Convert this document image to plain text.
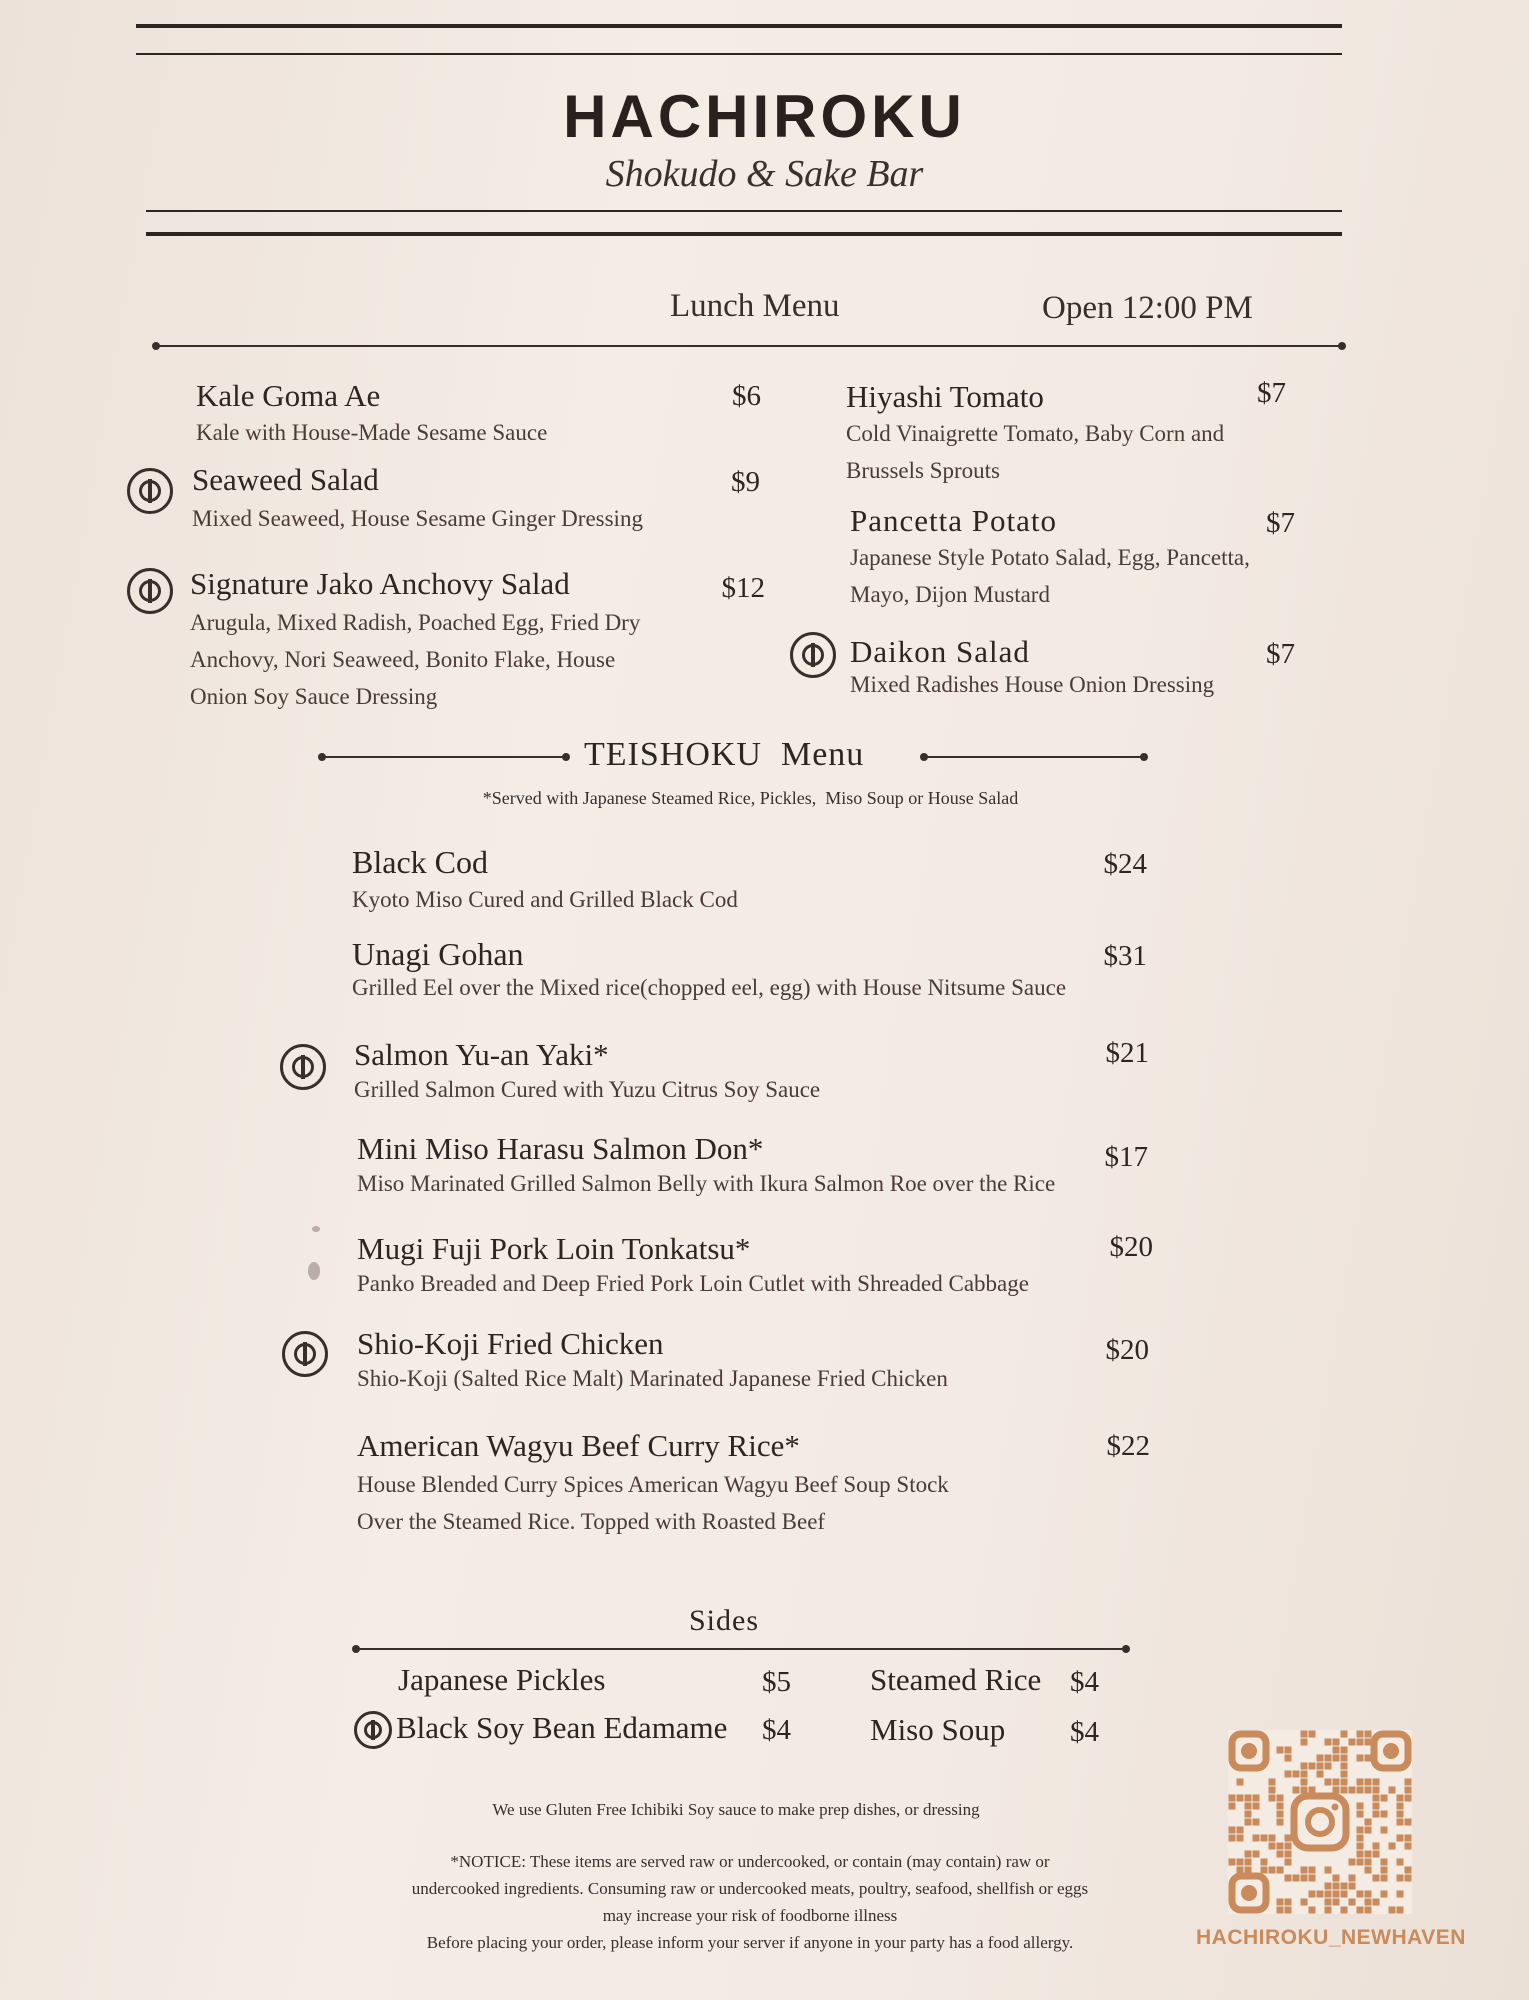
HACHIROKU
Shokudo & Sake Bar
Lunch Menu	Open 12:00 PM
Kale Goma Ae	$6
Kale with House-Made Sesame Sauce
Seaweed Salad	$9
Mixed Seaweed, House Sesame Ginger Dressing
Signature Jako Anchovy Salad	$12
Arugula, Mixed Radish, Poached Egg, Fried Dry
Anchovy, Nori Seaweed, Bonito Flake, House
Onion Soy Sauce Dressing
Hiyashi Tomato	$7
Cold Vinaigrette Tomato, Baby Corn and
Brussels Sprouts
Pancetta Potato	$7
Japanese Style Potato Salad, Egg, Pancetta,
Mayo, Dijon Mustard
Daikon Salad	$7
Mixed Radishes House Onion Dressing
TEISHOKU  Menu
*Served with Japanese Steamed Rice, Pickles,  Miso Soup or House Salad
Black Cod	$24
Kyoto Miso Cured and Grilled Black Cod
Unagi Gohan	$31
Grilled Eel over the Mixed rice(chopped eel, egg) with House Nitsume Sauce
Salmon Yu-an Yaki*	$21
Grilled Salmon Cured with Yuzu Citrus Soy Sauce
Mini Miso Harasu Salmon Don*	$17
Miso Marinated Grilled Salmon Belly with Ikura Salmon Roe over the Rice
Mugi Fuji Pork Loin Tonkatsu*	$20
Panko Breaded and Deep Fried Pork Loin Cutlet with Shreaded Cabbage
Shio-Koji Fried Chicken	$20
Shio-Koji (Salted Rice Malt) Marinated Japanese Fried Chicken
American Wagyu Beef Curry Rice*	$22
House Blended Curry Spices American Wagyu Beef Soup Stock
Over the Steamed Rice. Topped with Roasted Beef
Sides
Japanese Pickles	$5
Black Soy Bean Edamame $4
Steamed Rice $4
Miso Soup $4
We use Gluten Free Ichibiki Soy sauce to make prep dishes, or dressing
*NOTICE: These items are served raw or undercooked, or contain (may contain) raw or
undercooked ingredients. Consuming raw or undercooked meats, poultry, seafood, shellfish or eggs
may increase your risk of foodborne illness
Before placing your order, please inform your server if anyone in your party has a food allergy.	HACHIROKU_NEWHAVEN
